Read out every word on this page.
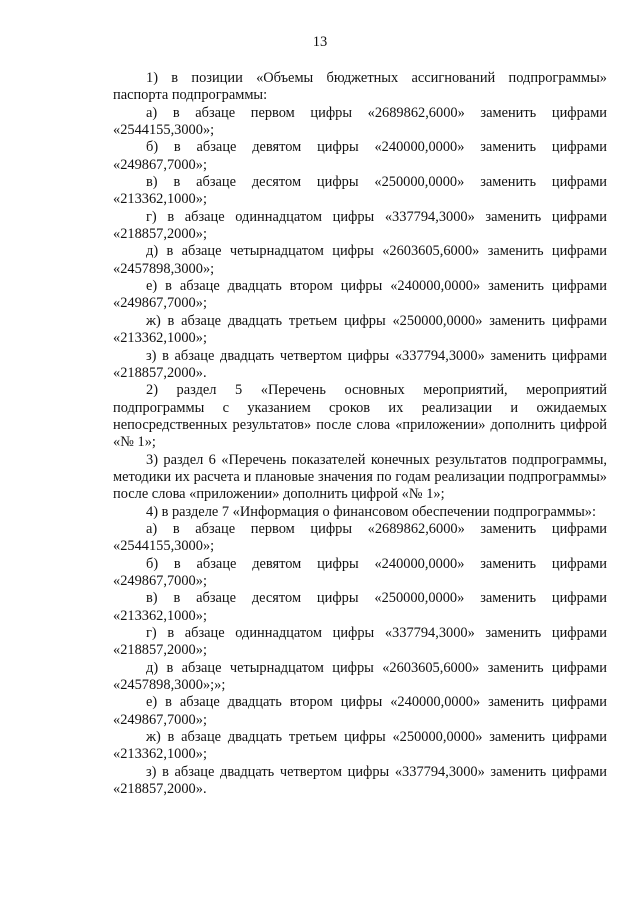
13

1) в позиции «Объемы бюджетных ассигнований подпрограммы» паспорта подпрограммы:

а) в абзаце первом цифры «2689862,6000» заменить цифрами «2544155,3000»;

б) в абзаце девятом цифры «240000,0000» заменить цифрами «249867,7000»;

в) в абзаце десятом цифры «250000,0000» заменить цифрами «213362,1000»;

г) в абзаце одиннадцатом цифры «337794,3000» заменить цифрами «218857,2000»;

д) в абзаце четырнадцатом цифры «2603605,6000» заменить цифрами «2457898,3000»;

е) в абзаце двадцать втором цифры «240000,0000» заменить цифрами «249867,7000»;

ж) в абзаце двадцать третьем цифры «250000,0000» заменить цифрами «213362,1000»;

з) в абзаце двадцать четвертом цифры «337794,3000» заменить цифрами «218857,2000».

2) раздел 5 «Перечень основных мероприятий, мероприятий подпрограммы с указанием сроков их реализации и ожидаемых непосредственных результатов» после слова «приложении» дополнить цифрой «№ 1»;

3) раздел 6 «Перечень показателей конечных результатов подпрограммы, методики их расчета и плановые значения по годам реализации подпрограммы» после слова «приложении» дополнить цифрой «№ 1»;

4) в разделе 7 «Информация о финансовом обеспечении подпрограммы»:

а) в абзаце первом цифры «2689862,6000» заменить цифрами «2544155,3000»;

б) в абзаце девятом цифры «240000,0000» заменить цифрами «249867,7000»;

в) в абзаце десятом цифры «250000,0000» заменить цифрами «213362,1000»;

г) в абзаце одиннадцатом цифры «337794,3000» заменить цифрами «218857,2000»;

д) в абзаце четырнадцатом цифры «2603605,6000» заменить цифрами «2457898,3000»;»;

е) в абзаце двадцать втором цифры «240000,0000» заменить цифрами «249867,7000»;

ж) в абзаце двадцать третьем цифры «250000,0000» заменить цифрами «213362,1000»;

з) в абзаце двадцать четвертом цифры «337794,3000» заменить цифрами «218857,2000».
